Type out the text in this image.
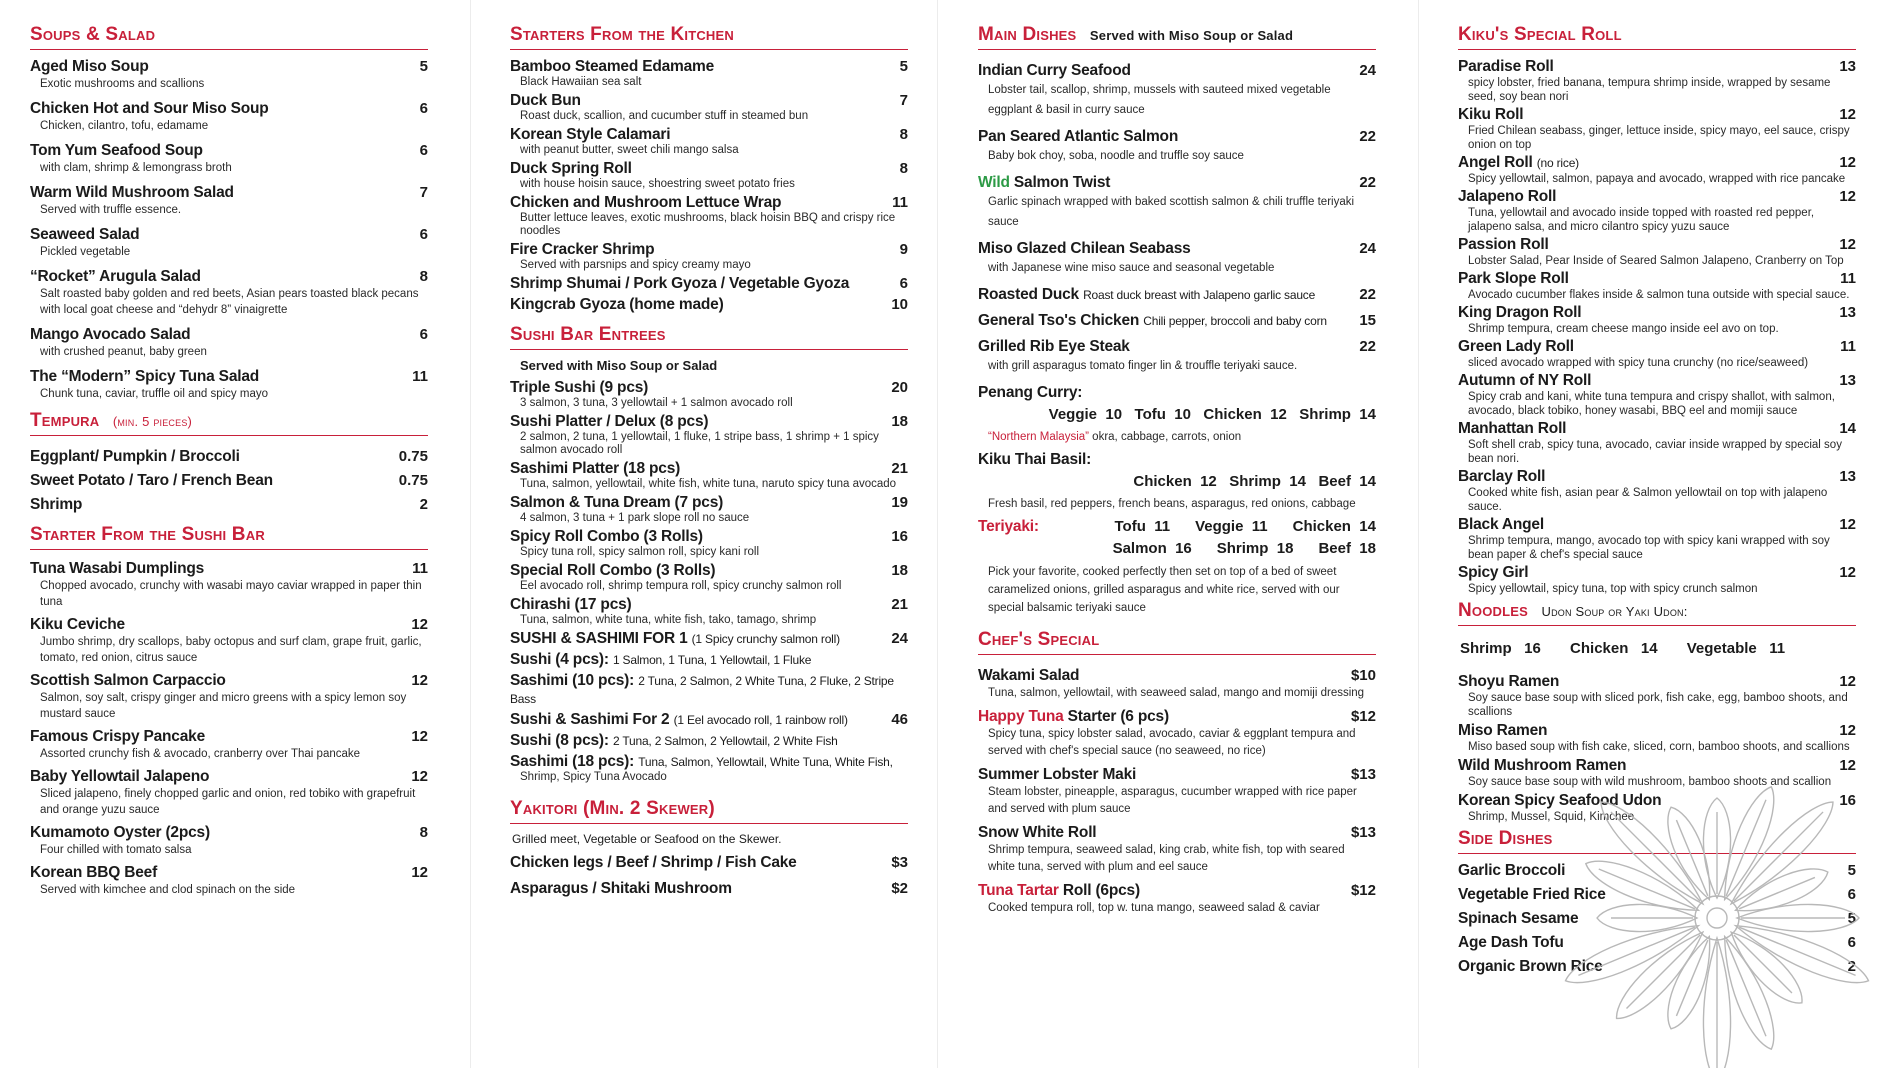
Soups & Salad
Aged Miso Soup	5
Exotic mushrooms and scallions
Chicken Hot and Sour Miso Soup	6
Chicken, cilantro, tofu, edamame
Tom Yum Seafood Soup	6
with clam, shrimp & lemongrass broth
Warm Wild Mushroom Salad	7
Served with truffle essence.
Seaweed Salad	6
Pickled vegetable
“Rocket” Arugula Salad	8
Salt roasted baby golden and red beets, Asian pears toasted black pecans with local goat cheese and “dehydr 8” vinaigrette
Mango Avocado Salad	6
with crushed peanut, baby green
The “Modern” Spicy Tuna Salad	11
Chunk tuna, caviar, truffle oil and spicy mayo
Tempura (min. 5 pieces)
Eggplant/ Pumpkin / Broccoli	0.75
Sweet Potato / Taro / French Bean	0.75
Shrimp	2
Starter From the Sushi Bar
Tuna Wasabi Dumplings	11
Chopped avocado, crunchy with wasabi mayo caviar wrapped in paper thin tuna
Kiku Ceviche	12
Jumbo shrimp, dry scallops, baby octopus and surf clam, grape fruit, garlic, tomato, red onion, citrus sauce
Scottish Salmon Carpaccio	12
Salmon, soy salt, crispy ginger and micro greens with a spicy lemon soy mustard sauce
Famous Crispy Pancake	12
Assorted crunchy fish & avocado, cranberry over Thai pancake
Baby Yellowtail Jalapeno	12
Sliced jalapeno, finely chopped garlic and onion, red tobiko with grapefruit and orange yuzu sauce
Kumamoto Oyster (2pcs)	8
Four chilled with tomato salsa
Korean BBQ Beef	12
Served with kimchee and clod spinach on the side
Starters From the Kitchen
Bamboo Steamed Edamame	5
Black Hawaiian sea salt
Duck Bun	7
Roast duck, scallion, and cucumber stuff in steamed bun
Korean Style Calamari	8
with peanut butter, sweet chili mango salsa
Duck Spring Roll	8
with house hoisin sauce, shoestring sweet potato fries
Chicken and Mushroom Lettuce Wrap	11
Butter lettuce leaves, exotic mushrooms, black hoisin BBQ and crispy rice noodles
Fire Cracker Shrimp	9
Served with parsnips and spicy creamy mayo
Shrimp Shumai / Pork Gyoza / Vegetable Gyoza	6
Kingcrab Gyoza (home made)	10
Sushi Bar Entrees
Served with Miso Soup or Salad
Triple Sushi (9 pcs)	20
3 salmon, 3 tuna, 3 yellowtail + 1 salmon avocado roll
Sushi Platter / Delux (8 pcs)	18
2 salmon, 2 tuna, 1 yellowtail, 1 fluke, 1 stripe bass, 1 shrimp + 1 spicy salmon avocado roll
Sashimi Platter (18 pcs)	21
Tuna, salmon, yellowtail, white fish, white tuna, naruto spicy tuna avocado
Salmon & Tuna Dream (7 pcs)	19
4 salmon, 3 tuna + 1 park slope roll no sauce
Spicy Roll Combo (3 Rolls)	16
Spicy tuna roll, spicy salmon roll, spicy kani roll
Special Roll Combo (3 Rolls)	18
Eel avocado roll, shrimp tempura roll, spicy crunchy salmon roll
Chirashi (17 pcs)	21
Tuna, salmon, white tuna, white fish, tako, tamago, shrimp
SUSHI & SASHIMI FOR 1 (1 Spicy crunchy salmon roll)	24
Sushi (4 pcs): 1 Salmon, 1 Tuna, 1 Yellowtail, 1 Fluke
Sashimi (10 pcs): 2 Tuna, 2 Salmon, 2 White Tuna, 2 Fluke, 2 Stripe Bass
Sushi & Sashimi For 2 (1 Eel avocado roll, 1 rainbow roll)	46
Sushi (8 pcs): 2 Tuna, 2 Salmon, 2 Yellowtail, 2 White Fish
Sashimi (18 pcs): Tuna, Salmon, Yellowtail, White Tuna, White Fish,
Shrimp, Spicy Tuna Avocado
Yakitori (Min. 2 Skewer)
Grilled meet, Vegetable or Seafood on the Skewer.
Chicken legs / Beef / Shrimp / Fish Cake	$3
Asparagus / Shitaki Mushroom	$2
Main Dishes Served with Miso Soup or Salad
Indian Curry Seafood	24
Lobster tail, scallop, shrimp, mussels with sauteed mixed vegetable eggplant & basil in curry sauce
Pan Seared Atlantic Salmon	22
Baby bok choy, soba, noodle and truffle soy sauce
Wild Salmon Twist	22
Garlic spinach wrapped with baked scottish salmon & chili truffle teriyaki sauce
Miso Glazed Chilean Seabass	24
with Japanese wine miso sauce and seasonal vegetable
Roasted Duck Roast duck breast with Jalapeno garlic sauce	22
General Tso's Chicken Chili pepper, broccoli and baby corn 15
Grilled Rib Eye Steak	22
with grill asparagus tomato finger lin & trouffle teriyaki sauce.
Penang Curry:
Veggie  10   Tofu  10   Chicken  12   Shrimp  14
“Northern Malaysia” okra, cabbage, carrots, onion
Kiku Thai Basil:
Chicken  12   Shrimp  14   Beef  14
Fresh basil, red peppers, french beans, asparagus, red onions, cabbage
Teriyaki:	Tofu  11      Veggie  11      Chicken  14
Salmon  16      Shrimp  18      Beef  18
Pick your favorite, cooked perfectly then set on top of a bed of sweet caramelized onions, grilled asparagus and white rice, served with our special balsamic teriyaki sauce
Chef's Special
Wakami Salad	$10
Tuna, salmon, yellowtail, with seaweed salad, mango and momiji dressing
Happy Tuna Starter (6 pcs)	$12
Spicy tuna, spicy lobster salad, avocado, caviar & eggplant tempura and served with chef's special sauce (no seaweed, no rice)
Summer Lobster Maki	$13
Steam lobster, pineapple, asparagus, cucumber wrapped with rice paper and served with plum sauce
Snow White Roll	$13
Shrimp tempura, seaweed salad, king crab, white fish, top with seared white tuna, served with plum and eel sauce
Tuna Tartar Roll (6pcs)	$12
Cooked tempura roll, top w. tuna mango, seaweed salad & caviar
Kiku's Special Roll
Paradise Roll	13
spicy lobster, fried banana, tempura shrimp inside, wrapped by sesame seed, soy bean nori
Kiku Roll	12
Fried Chilean seabass, ginger, lettuce inside, spicy mayo, eel sauce, crispy onion on top
Angel Roll (no rice)	12
Spicy yellowtail, salmon, papaya and avocado, wrapped with rice pancake
Jalapeno Roll	12
Tuna, yellowtail and avocado inside topped with roasted red pepper, jalapeno salsa, and micro cilantro spicy yuzu sauce
Passion Roll	12
Lobster Salad, Pear Inside of Seared Salmon Jalapeno, Cranberry on Top
Park Slope Roll	11
Avocado cucumber flakes inside & salmon tuna outside with special sauce.
King Dragon Roll	13
Shrimp tempura, cream cheese mango inside eel avo on top.
Green Lady Roll	11
sliced avocado wrapped with spicy tuna crunchy (no rice/seaweed)
Autumn of NY Roll	13
Spicy crab and kani, white tuna tempura and crispy shallot, with salmon, avocado, black tobiko, honey wasabi, BBQ eel and momiji sauce
Manhattan Roll	14
Soft shell crab, spicy tuna, avocado, caviar inside wrapped by special soy bean nori.
Barclay Roll	13
Cooked white fish, asian pear & Salmon yellowtail on top with jalapeno sauce.
Black Angel	12
Shrimp tempura, mango, avocado top with spicy kani wrapped with soy bean paper & chef's special sauce
Spicy Girl	12
Spicy yellowtail, spicy tuna, top with spicy crunch salmon
Noodles Udon Soup or Yaki Udon:
Shrimp   16       Chicken   14       Vegetable   11
Shoyu Ramen	12
Soy sauce base soup with sliced pork, fish cake, egg, bamboo shoots, and scallions
Miso Ramen	12
Miso based soup with fish cake, sliced, corn, bamboo shoots, and scallions
Wild Mushroom Ramen	12
Soy sauce base soup with wild mushroom, bamboo shoots and scallion
Korean Spicy Seafood Udon	16
Shrimp, Mussel, Squid, Kimchee
Side Dishes
Garlic Broccoli	5
Vegetable Fried Rice	6
Spinach Sesame	5
Age Dash Tofu	6
Organic Brown Rice	2
